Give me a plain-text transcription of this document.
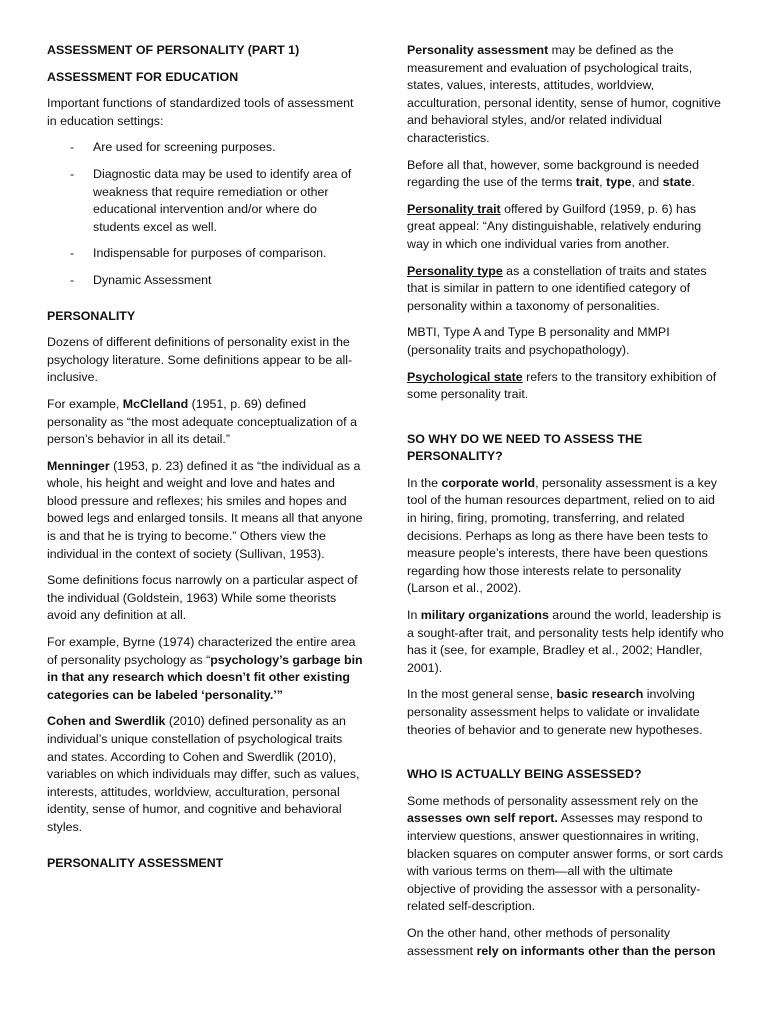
ASSESSMENT OF PERSONALITY (PART 1)
ASSESSMENT FOR EDUCATION

Important functions of standardized tools of assessment in education settings:

- Are used for screening purposes.
- Diagnostic data may be used to identify area of weakness that require remediation or other educational intervention and/or where do students excel as well.
- Indispensable for purposes of comparison.
- Dynamic Assessment
PERSONALITY

Dozens of different definitions of personality exist in the psychology literature. Some definitions appear to be all-inclusive.

For example, McClelland (1951, p. 69) defined personality as “the most adequate conceptualization of a person’s behavior in all its detail.”

Menninger (1953, p. 23) defined it as “the individual as a whole, his height and weight and love and hates and blood pressure and reflexes; his smiles and hopes and bowed legs and enlarged tonsils. It means all that anyone is and that he is trying to become.” Others view the individual in the context of society (Sullivan, 1953).

Some definitions focus narrowly on a particular aspect of the individual (Goldstein, 1963) While some theorists avoid any definition at all.

For example, Byrne (1974) characterized the entire area of personality psychology as “psychology’s garbage bin in that any research which doesn’t fit other existing categories can be labeled ‘personality.’”

Cohen and Swerdlik (2010) defined personality as an individual’s unique constellation of psychological traits and states. According to Cohen and Swerdlik (2010), variables on which individuals may differ, such as values, interests, attitudes, worldview, acculturation, personal identity, sense of humor, and cognitive and behavioral styles.

PERSONALITY ASSESSMENT

Personality assessment may be defined as the measurement and evaluation of psychological traits, states, values, interests, attitudes, worldview, acculturation, personal identity, sense of humor, cognitive and behavioral styles, and/or related individual characteristics.

Before all that, however, some background is needed regarding the use of the terms trait, type, and state.

Personality trait offered by Guilford (1959, p. 6) has great appeal: “Any distinguishable, relatively enduring way in which one individual varies from another.

Personality type as a constellation of traits and states that is similar in pattern to one identified category of personality within a taxonomy of personalities.

MBTI, Type A and Type B personality and MMPI (personality traits and psychopathology).

Psychological state refers to the transitory exhibition of some personality trait.

SO WHY DO WE NEED TO ASSESS THE PERSONALITY?

In the corporate world, personality assessment is a key tool of the human resources department, relied on to aid in hiring, firing, promoting, transferring, and related decisions. Perhaps as long as there have been tests to measure people’s interests, there have been questions regarding how those interests relate to personality (Larson et al., 2002).

In military organizations around the world, leadership is a sought-after trait, and personality tests help identify who has it (see, for example, Bradley et al., 2002; Handler, 2001).

In the most general sense, basic research involving personality assessment helps to validate or invalidate theories of behavior and to generate new hypotheses.

WHO IS ACTUALLY BEING ASSESSED?

Some methods of personality assessment rely on the assesses own self report. Assesses may respond to interview questions, answer questionnaires in writing, blacken squares on computer answer forms, or sort cards with various terms on them—all with the ultimate objective of providing the assessor with a personality-related self-description.

On the other hand, other methods of personality assessment rely on informants other than the person
